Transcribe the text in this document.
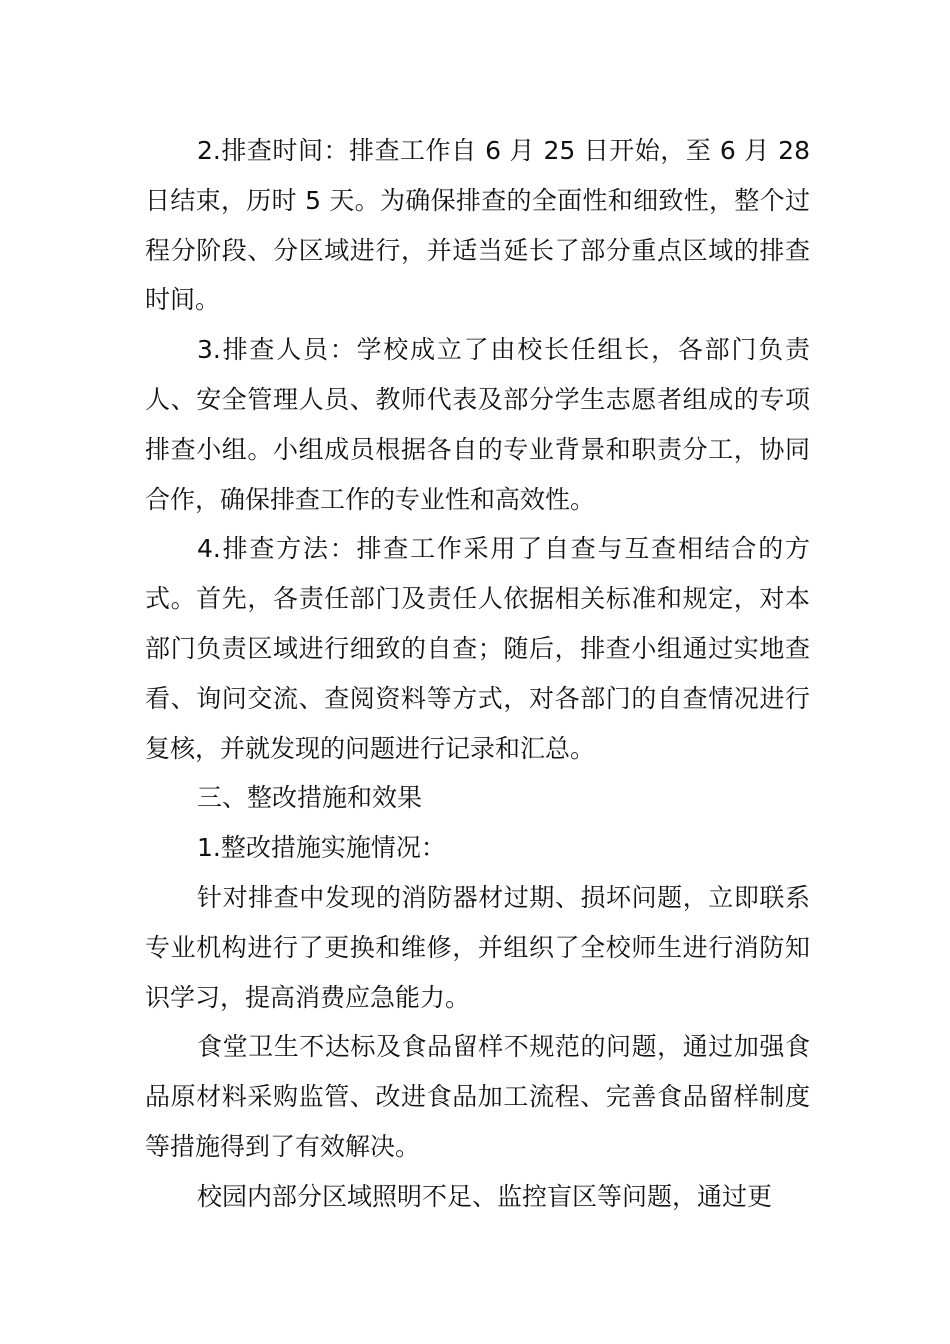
2.排查时间：排查工作自 6 月 25 日开始，至 6 月 28 日结束，历时 5 天。为确保排查的全面性和细致性，整个过程分阶段、分区域进行，并适当延长了部分重点区域的排查时间。

3.排查人员：学校成立了由校长任组长，各部门负责人、安全管理人员、教师代表及部分学生志愿者组成的专项排查小组。小组成员根据各自的专业背景和职责分工，协同合作，确保排查工作的专业性和高效性。

4.排查方法：排查工作采用了自查与互查相结合的方式。首先，各责任部门及责任人依据相关标准和规定，对本部门负责区域进行细致的自查；随后，排查小组通过实地查看、询问交流、查阅资料等方式，对各部门的自查情况进行复核，并就发现的问题进行记录和汇总。

三、整改措施和效果

1.整改措施实施情况：

针对排查中发现的消防器材过期、损坏问题，立即联系专业机构进行了更换和维修，并组织了全校师生进行消防知识学习，提高消费应急能力。

食堂卫生不达标及食品留样不规范的问题，通过加强食品原材料采购监管、改进食品加工流程、完善食品留样制度等措施得到了有效解决。

校园内部分区域照明不足、监控盲区等问题，通过更
